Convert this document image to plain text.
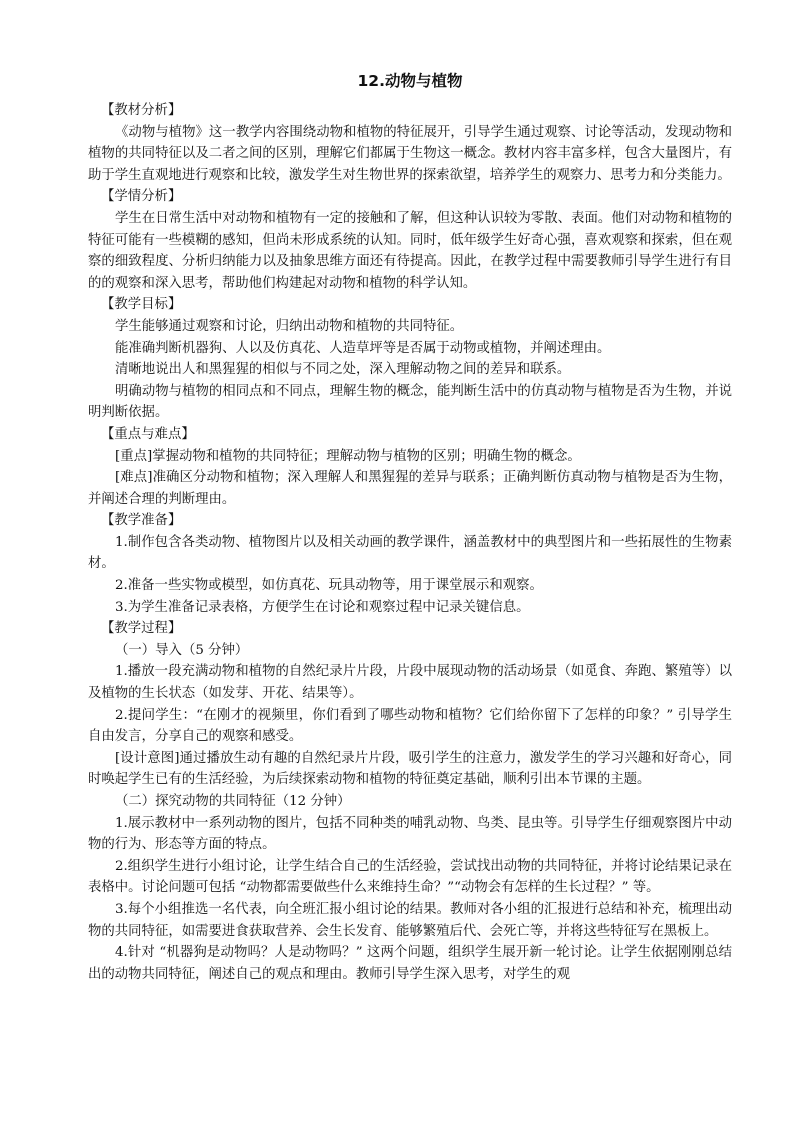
12.动物与植物
【教材分析】

《动物与植物》这一教学内容围绕动物和植物的特征展开，引导学生通过观察、讨论等活动，发现动物和植物的共同特征以及二者之间的区别，理解它们都属于生物这一概念。教材内容丰富多样，包含大量图片，有助于学生直观地进行观察和比较，激发学生对生物世界的探索欲望，培养学生的观察力、思考力和分类能力。

【学情分析】

学生在日常生活中对动物和植物有一定的接触和了解，但这种认识较为零散、表面。他们对动物和植物的特征可能有一些模糊的感知，但尚未形成系统的认知。同时，低年级学生好奇心强，喜欢观察和探索，但在观察的细致程度、分析归纳能力以及抽象思维方面还有待提高。因此，在教学过程中需要教师引导学生进行有目的的观察和深入思考，帮助他们构建起对动物和植物的科学认知。

【教学目标】

学生能够通过观察和讨论，归纳出动物和植物的共同特征。

能准确判断机器狗、人以及仿真花、人造草坪等是否属于动物或植物，并阐述理由。

清晰地说出人和黑猩猩的相似与不同之处，深入理解动物之间的差异和联系。

明确动物与植物的相同点和不同点，理解生物的概念，能判断生活中的仿真动物与植物是否为生物，并说明判断依据。

【重点与难点】

[重点]掌握动物和植物的共同特征；理解动物与植物的区别；明确生物的概念。

[难点]准确区分动物和植物；深入理解人和黑猩猩的差异与联系；正确判断仿真动物与植物是否为生物，并阐述合理的判断理由。

【教学准备】

1.制作包含各类动物、植物图片以及相关动画的教学课件，涵盖教材中的典型图片和一些拓展性的生物素材。

2.准备一些实物或模型，如仿真花、玩具动物等，用于课堂展示和观察。

3.为学生准备记录表格，方便学生在讨论和观察过程中记录关键信息。

【教学过程】

（一）导入（5 分钟）

1.播放一段充满动物和植物的自然纪录片片段，片段中展现动物的活动场景（如觅食、奔跑、繁殖等）以及植物的生长状态（如发芽、开花、结果等）。

2.提问学生：“在刚才的视频里，你们看到了哪些动物和植物？它们给你留下了怎样的印象？” 引导学生自由发言，分享自己的观察和感受。

[设计意图]通过播放生动有趣的自然纪录片片段，吸引学生的注意力，激发学生的学习兴趣和好奇心，同时唤起学生已有的生活经验，为后续探索动物和植物的特征奠定基础，顺利引出本节课的主题。

（二）探究动物的共同特征（12 分钟）

1.展示教材中一系列动物的图片，包括不同种类的哺乳动物、鸟类、昆虫等。引导学生仔细观察图片中动物的行为、形态等方面的特点。

2.组织学生进行小组讨论，让学生结合自己的生活经验，尝试找出动物的共同特征，并将讨论结果记录在表格中。讨论问题可包括 “动物都需要做些什么来维持生命？”“动物会有怎样的生长过程？” 等。

3.每个小组推选一名代表，向全班汇报小组讨论的结果。教师对各小组的汇报进行总结和补充，梳理出动物的共同特征，如需要进食获取营养、会生长发育、能够繁殖后代、会死亡等，并将这些特征写在黑板上。

4.针对 “机器狗是动物吗？人是动物吗？” 这两个问题，组织学生展开新一轮讨论。让学生依据刚刚总结出的动物共同特征，阐述自己的观点和理由。教师引导学生深入思考，对学生的观
